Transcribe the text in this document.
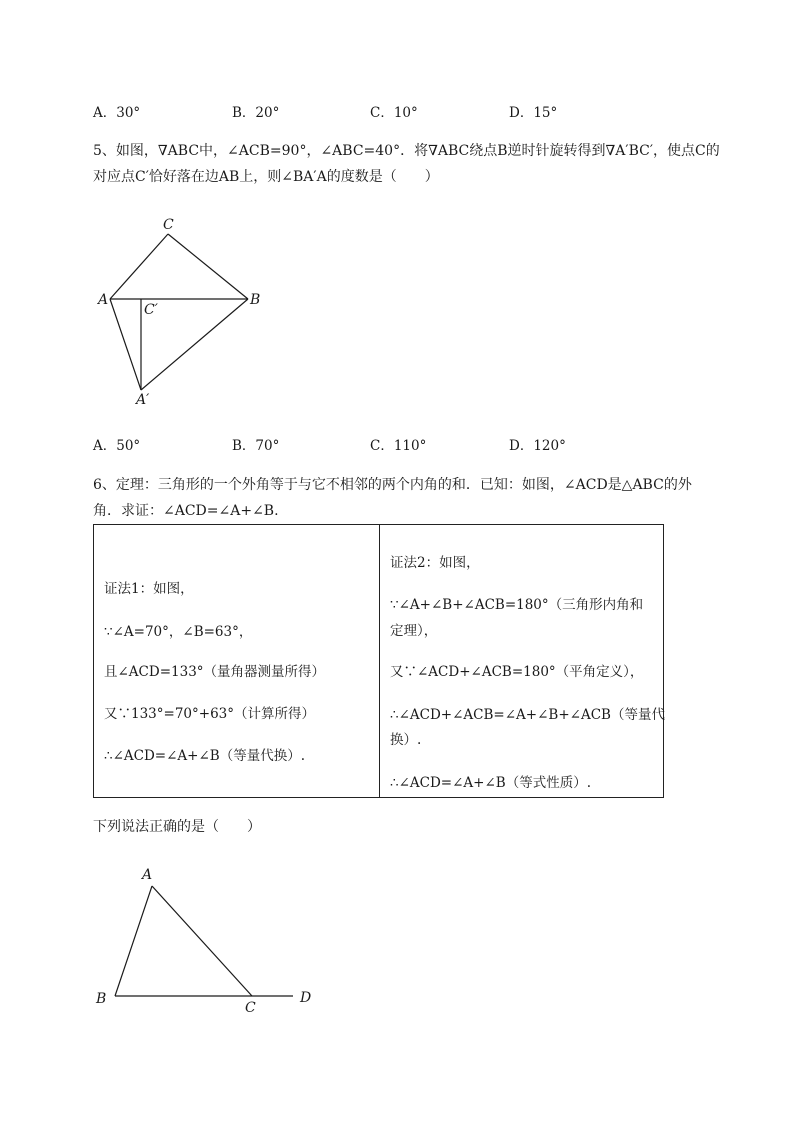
A．30°	B．20°	C．10°	D．15°
5、如图，∇ABC中，∠ACB=90°，∠ABC=40°．将∇ABC绕点B逆时针旋转得到∇A′BC′，使点C的
对应点C′恰好落在边AB上，则∠BA′A的度数是（　　）
C
A	B
C′
A′
A．50°	B．70°	C．110°	D．120°
6、定理：三角形的一个外角等于与它不相邻的两个内角的和．已知：如图，∠ACD是△ABC的外
角．求证：∠ACD=∠A+∠B.
证法1：如图，
∵∠A=70°，∠B=63°，
且∠ACD=133°（量角器测量所得）
又∵133°=70°+63°（计算所得）
∴∠ACD=∠A+∠B（等量代换）.

证法2：如图，
∵∠A+∠B+∠ACB=180°（三角形内角和
定理），
又∵∠ACD+∠ACB=180°（平角定义），
∴∠ACD+∠ACB=∠A+∠B+∠ACB（等量代
换）.
∴∠ACD=∠A+∠B（等式性质）.
下列说法正确的是（　　）
A
B
C
D
